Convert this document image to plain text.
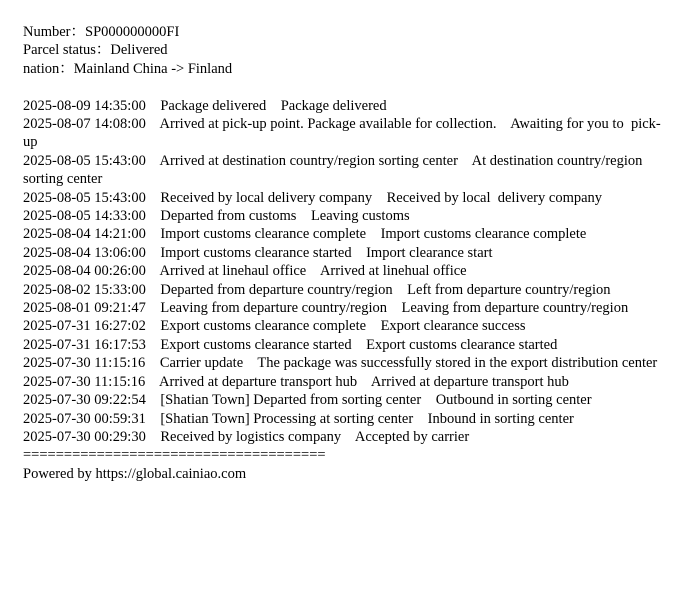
Number：SP000000000FI
Parcel status：Delivered
nation：Mainland China -> Finland
2025-08-09 14:35:00 Package delivered Package delivered
2025-08-07 14:08:00 Arrived at pick-up point. Package available for collection. Awaiting for you to  pick-up
2025-08-05 15:43:00 Arrived at destination country/region sorting center At destination country/region sorting center
2025-08-05 15:43:00 Received by local delivery company Received by local  delivery company
2025-08-05 14:33:00 Departed from customs Leaving customs
2025-08-04 14:21:00 Import customs clearance complete Import customs clearance complete
2025-08-04 13:06:00 Import customs clearance started Import clearance start
2025-08-04 00:26:00 Arrived at linehaul office Arrived at linehual office
2025-08-02 15:33:00 Departed from departure country/region Left from departure country/region
2025-08-01 09:21:47 Leaving from departure country/region Leaving from departure country/region
2025-07-31 16:27:02 Export customs clearance complete Export clearance success
2025-07-31 16:17:53 Export customs clearance started Export customs clearance started
2025-07-30 11:15:16 Carrier update The package was successfully stored in the export distribution center
2025-07-30 11:15:16 Arrived at departure transport hub Arrived at departure transport hub
2025-07-30 09:22:54 [Shatian Town] Departed from sorting center Outbound in sorting center
2025-07-30 00:59:31 [Shatian Town] Processing at sorting center Inbound in sorting center
2025-07-30 00:29:30 Received by logistics company Accepted by carrier
=====================================
Powered by https://global.cainiao.com
